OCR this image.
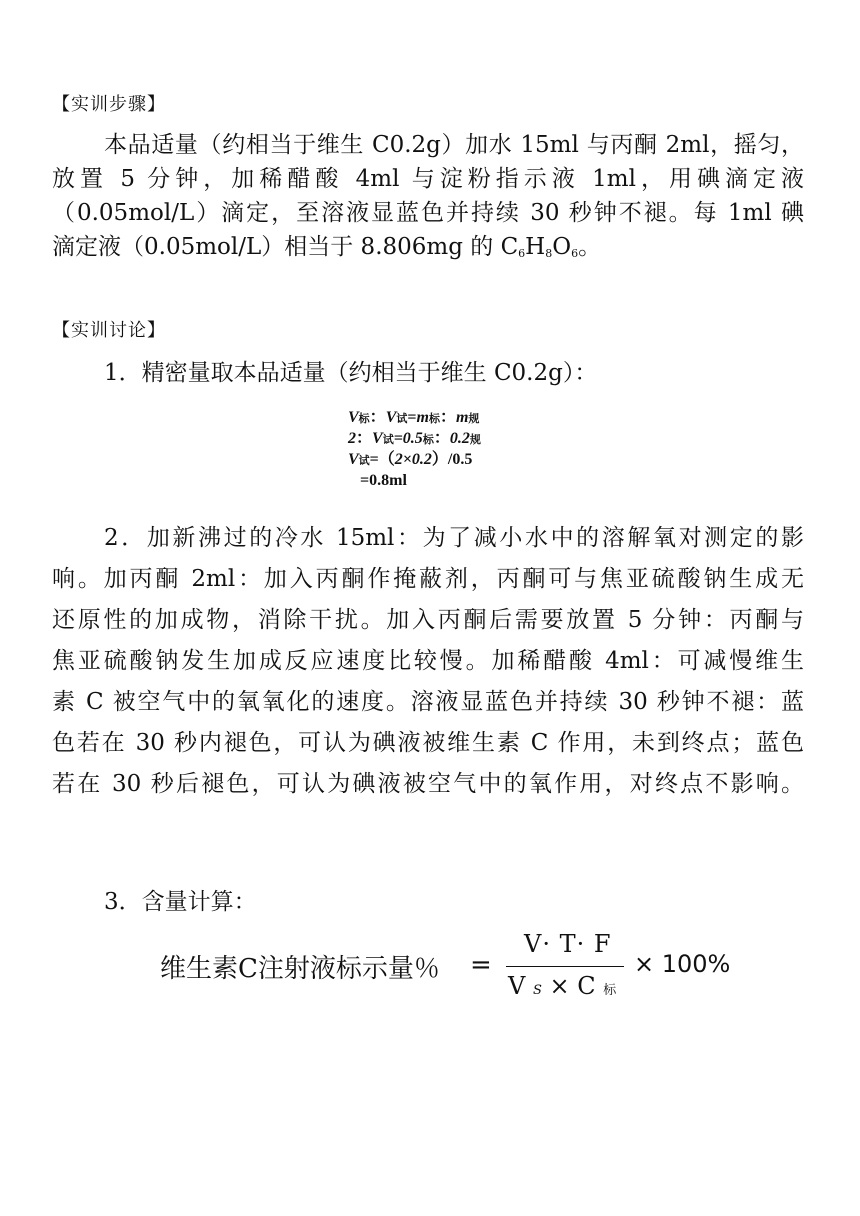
【实训步骤】
本品适量（约相当于维生 C0.2g）加水 15ml 与丙酮 2ml，摇匀，
放置 5 分钟，加稀醋酸 4ml 与淀粉指示液 1ml，用碘滴定液
（0.05mol/L）滴定，至溶液显蓝色并持续 30 秒钟不褪。每 1ml 碘
滴定液（0.05mol/L）相当于 8.806mg 的 $C_6H_8O_6$。
【实训讨论】
1．精密量取本品适量（约相当于维生 C0.2g）：
V标：V试=m标：m规
2：V试=0.5标：0.2规
V试=（2×0.2）/0.5
=0.8ml
2．加新沸过的冷水 15ml：为了减小水中的溶解氧对测定的影
响。加丙酮 2ml：加入丙酮作掩蔽剂，丙酮可与焦亚硫酸钠生成无
还原性的加成物，消除干扰。加入丙酮后需要放置 5 分钟：丙酮与
焦亚硫酸钠发生加成反应速度比较慢。加稀醋酸 4ml：可减慢维生
素 C 被空气中的氧氧化的速度。溶液显蓝色并持续 30 秒钟不褪：蓝
色若在 30 秒内褪色，可认为碘液被维生素 C 作用，未到终点；蓝色
若在 30 秒后褪色，可认为碘液被空气中的氧作用，对终点不影响。
3．含量计算：
维生素C注射液标示量％ =
V· T· F
V S × C 标
× 100%
